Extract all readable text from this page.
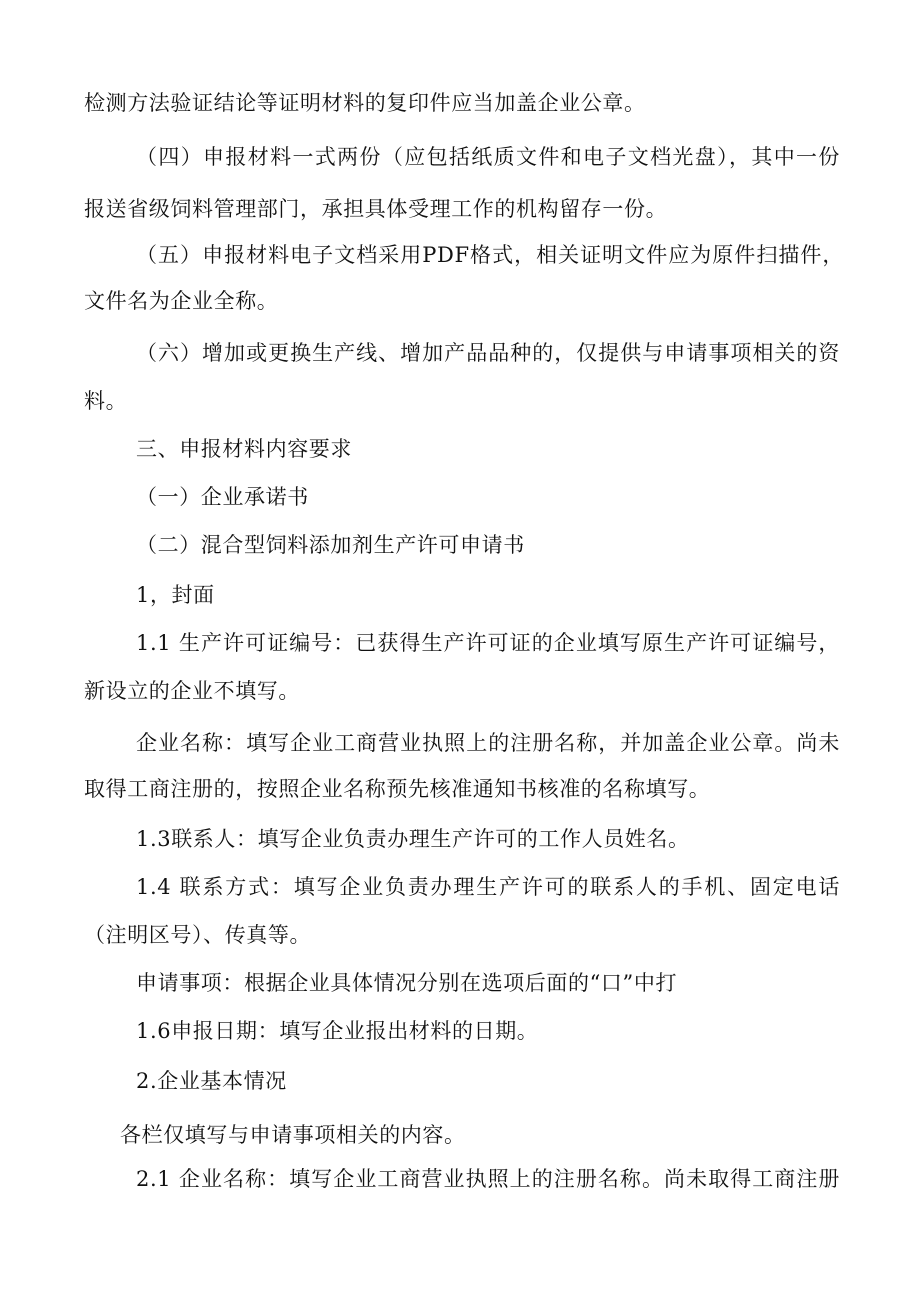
检测方法验证结论等证明材料的复印件应当加盖企业公章。
（四）申报材料一式两份（应包括纸质文件和电子文档光盘），其中一份
报送省级饲料管理部门，承担具体受理工作的机构留存一份。
（五）申报材料电子文档采用PDF格式，相关证明文件应为原件扫描件，
文件名为企业全称。
（六）增加或更换生产线、增加产品品种的，仅提供与申请事项相关的资
料。
三、申报材料内容要求
（一）企业承诺书
（二）混合型饲料添加剂生产许可申请书
1，封面
1.1 生产许可证编号：已获得生产许可证的企业填写原生产许可证编号，
新设立的企业不填写。
企业名称：填写企业工商营业执照上的注册名称，并加盖企业公章。尚未
取得工商注册的，按照企业名称预先核准通知书核准的名称填写。
1.3联系人：填写企业负责办理生产许可的工作人员姓名。
1.4 联系方式：填写企业负责办理生产许可的联系人的手机、固定电话
（注明区号）、传真等。
申请事项：根据企业具体情况分别在选项后面的“口”中打
1.6申报日期：填写企业报出材料的日期。
2.企业基本情况
各栏仅填写与申请事项相关的内容。
2.1 企业名称：填写企业工商营业执照上的注册名称。尚未取得工商注册
